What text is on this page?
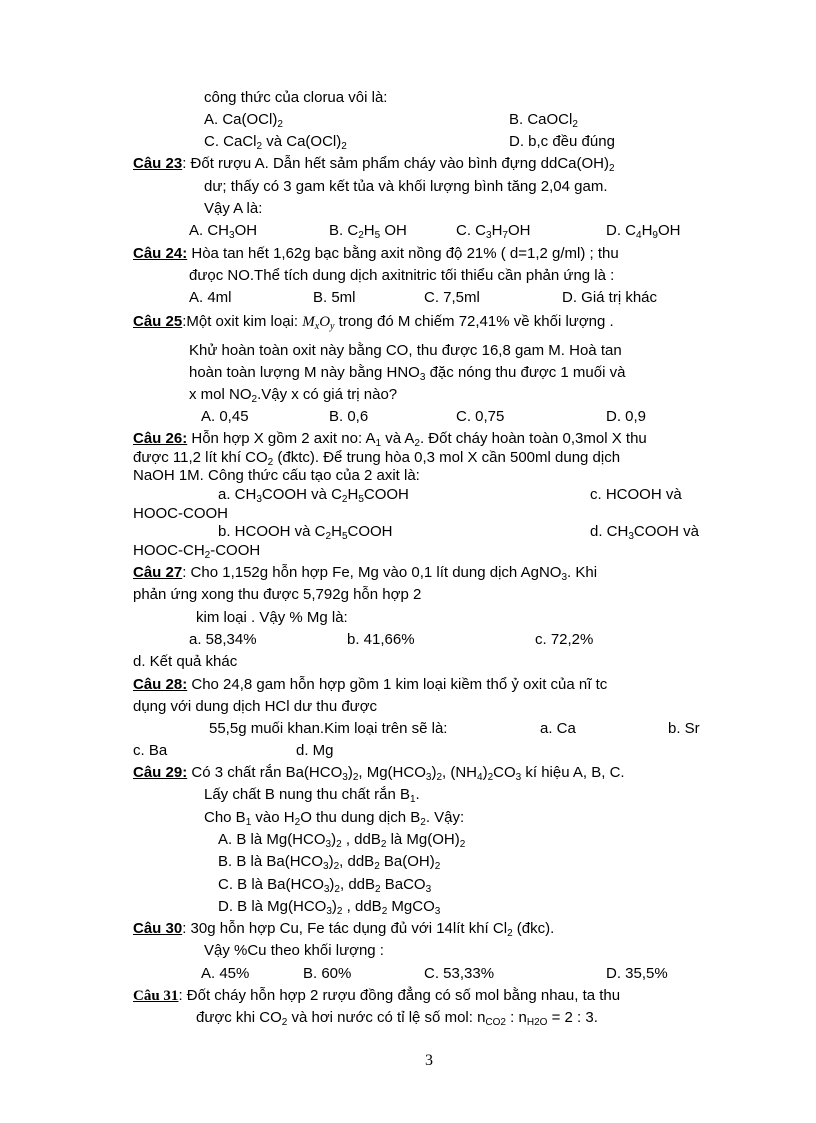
công thức của clorua vôi là:
A. $Ca(OCl)_2$	B. CaOCl$_2$
C. CaCl$_2$ và $Ca(OCl)_2$	D. b,c đều đúng
Câu 23: Đốt rượu A. Dẫn hết sảm phẩm cháy vào bình đựng $ddCa(OH)_2$
dư; thấy có 3 gam kết tủa và khối lượng bình tăng 2,04 gam.
Vậy A là:
A. $CH_3OH$	B. $C_2H_5$ OH	C. $C_3H_7OH$	D. $C_4H_9OH$
Câu 24: Hòa tan hết 1,62g bạc bằng axit nồng độ 21% ( d=1,2 g/ml) ; thu
đưọc NO.Thể tích dung dịch axitnitric tối thiểu cần phản ứng là :
A. 4ml	B. 5ml	C. 7,5ml	D. Giá trị khác
Câu 25:Một oxit kim loại: $M_xO_y$ trong đó M chiếm 72,41% về khối lượng .
Khử hoàn toàn oxit này bằng CO, thu được 16,8 gam M. Hoà tan
hoàn toàn lượng M này bằng $HNO_3$ đặc nóng thu được 1 muối và
x mol $NO_2.Vậy$ x có giá trị nào?
A. 0,45	B. 0,6	C. 0,75	D. 0,9
Câu 26: Hỗn hợp X gồm 2 axit no: $A_1$ và $A_2$. Đốt cháy hoàn toàn 0,3mol X thu
được 11,2 lít khí $CO_2$ (đktc). Để trung hòa 0,3 mol X cần 500ml dung dịch
NaOH 1M. Công thức cấu tạo của 2 axit là:
a. $CH_3COOH$ và $C_2H_5COOH$	c. HCOOH và
HOOC-COOH
b. HCOOH và $C_2H_5COOH$	d. $CH_3COOH$ và
HOOC-$CH_2$-COOH
Câu 27: Cho 1,152g hỗn hợp Fe, Mg vào 0,1 lít dung dịch AgNO$_3$. Khi
phản ứng xong thu được 5,792g hỗn hợp 2
kim loại . Vậy % Mg là:
a. 58,34%	b. 41,66%	c. 72,2%
d. Kết quả khác
Câu 28: Cho 24,8 gam hỗn hợp gồm 1 kim loại kiềm thổ ỷ oxit của nĩ tc
dụng với dung dịch HCl dư thu được
55,5g muối khan.Kim loại trên sẽ là:	a. Ca	b. Sr
c. Ba	d. Mg
Câu 29: Có 3 chất rắn $Ba(HCO_3)_2$, $Mg(HCO_3)_2$, $(NH_4)_2CO_3$ kí hiệu A, B, C.
Lấy chất B nung thu chất rắn $B_1$.
Cho $B_1$ vào $H_2O$ thu dung dịch $B_2$. Vậy:
A. B là $Mg(HCO_3)_2$ , ddB$_2$ là $Mg(OH)_2$
B. B là $Ba(HCO_3)_2$, ddB$_2$ $Ba(OH)_2$
C. B là $Ba(HCO_3)_2$, ddB$_2$ BaCO$_3$
D. B là $Mg(HCO_3)_2$ , ddB$_2$ MgCO$_3$
Câu 30: 30g hỗn hợp Cu, Fe tác dụng đủ với 14lít khí $Cl_2$ (đkc).
Vậy %Cu theo khối lượng :
A. 45%	B. 60%	C. 53,33%	D. 35,5%
Câu 31: Đốt cháy hỗn hợp 2 rượu đồng đẳng có số mol bằng nhau, ta thu
được khi $CO_2$ và hơi nước có tỉ lệ số mol: $n_{CO2}$ : $n_{H2O} = 2$ : 3.
3
